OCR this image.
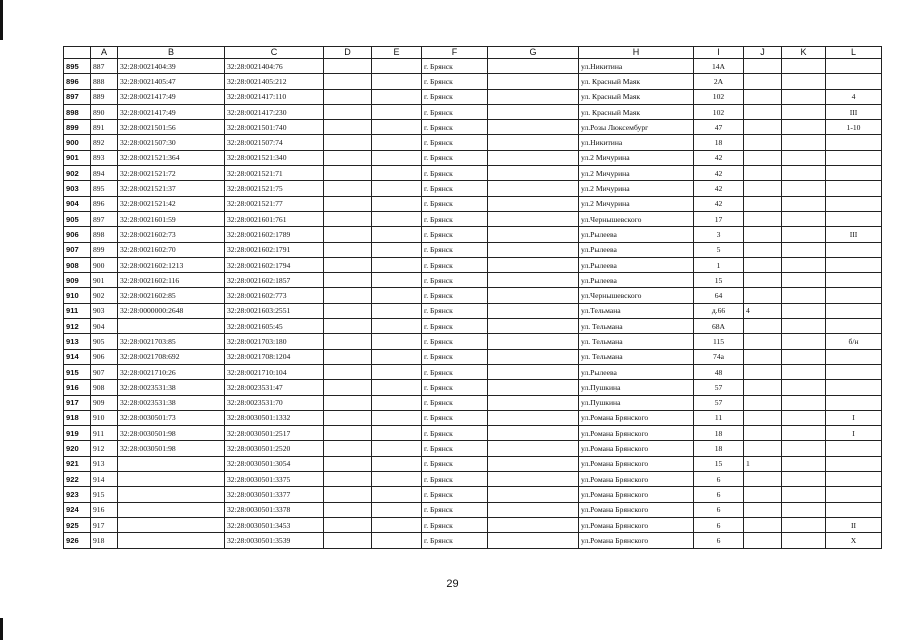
	A	B	C	D	E	F	G	H	I	J	K	L
895	887	32:28:0021404:39	32:28:0021404:76			г. Брянск		ул.Никитина	14А			
896	888	32:28:0021405:47	32:28:0021405:212			г. Брянск		ул. Красный Маяк	2А			
897	889	32:28:0021417:49	32:28:0021417:110			г. Брянск		ул. Красный Маяк	102			4
898	890	32:28:0021417:49	32:28:0021417:230			г. Брянск		ул. Красный Маяк	102			III
899	891	32:28:0021501:56	32:28:0021501:740			г. Брянск		ул.Розы Люксембург	47			1-10
900	892	32:28:0021507:30	32:28:0021507:74			г. Брянск		ул.Никитина	18			
901	893	32:28:0021521:364	32:28:0021521:340			г. Брянск		ул.2 Мичурина	42			
902	894	32:28:0021521:72	32:28:0021521:71			г. Брянск		ул.2 Мичурина	42			
903	895	32:28:0021521:37	32:28:0021521:75			г. Брянск		ул.2 Мичурина	42			
904	896	32:28:0021521:42	32:28:0021521:77			г. Брянск		ул.2 Мичурина	42			
905	897	32:28:0021601:59	32:28:0021601:761			г. Брянск		ул.Чернышевского	17			
906	898	32:28:0021602:73	32:28:0021602:1789			г. Брянск		ул.Рылеева	3			III
907	899	32:28:0021602:70	32:28:0021602:1791			г. Брянск		ул.Рылеева	5			
908	900	32:28:0021602:1213	32:28:0021602:1794			г. Брянск		ул.Рылеева	1			
909	901	32:28:0021602:116	32:28:0021602:1857			г. Брянск		ул.Рылеева	15			
910	902	32:28:0021602:85	32:28:0021602:773			г. Брянск		ул.Чернышевского	64			
911	903	32:28:0000000:2648	32:28:0021603:2551			г. Брянск		ул.Тельмана	д.66	4		
912	904		32:28:0021605:45			г. Брянск		ул. Тельмана	68А			
913	905	32:28:0021703:85	32:28:0021703:180			г. Брянск		ул. Тельмана	115			б/н
914	906	32:28:0021708:692	32:28:0021708:1204			г. Брянск		ул. Тельмана	74а			
915	907	32:28:0021710:26	32:28:0021710:104			г. Брянск		ул.Рылеева	48			
916	908	32:28:0023531:38	32:28:0023531:47			г. Брянск		ул.Пушкина	57			
917	909	32:28:0023531:38	32:28:0023531:70			г. Брянск		ул.Пушкина	57			
918	910	32:28:0030501:73	32:28:0030501:1332			г. Брянск		ул.Романа Брянского	11			I
919	911	32:28:0030501:98	32:28:0030501:2517			г. Брянск		ул.Романа Брянского	18			I
920	912	32:28:0030501:98	32:28:0030501:2520			г. Брянск		ул.Романа Брянского	18			
921	913		32:28:0030501:3054			г. Брянск		ул.Романа Брянского	15	1		
922	914		32:28:0030501:3375			г. Брянск		ул.Романа Брянского	6			
923	915		32:28:0030501:3377			г. Брянск		ул.Романа Брянского	6			
924	916		32:28:0030501:3378			г. Брянск		ул.Романа Брянского	6			
925	917		32:28:0030501:3453			г. Брянск		ул.Романа Брянского	6			II
926	918		32:28:0030501:3539			г. Брянск		ул.Романа Брянского	6			X
29
